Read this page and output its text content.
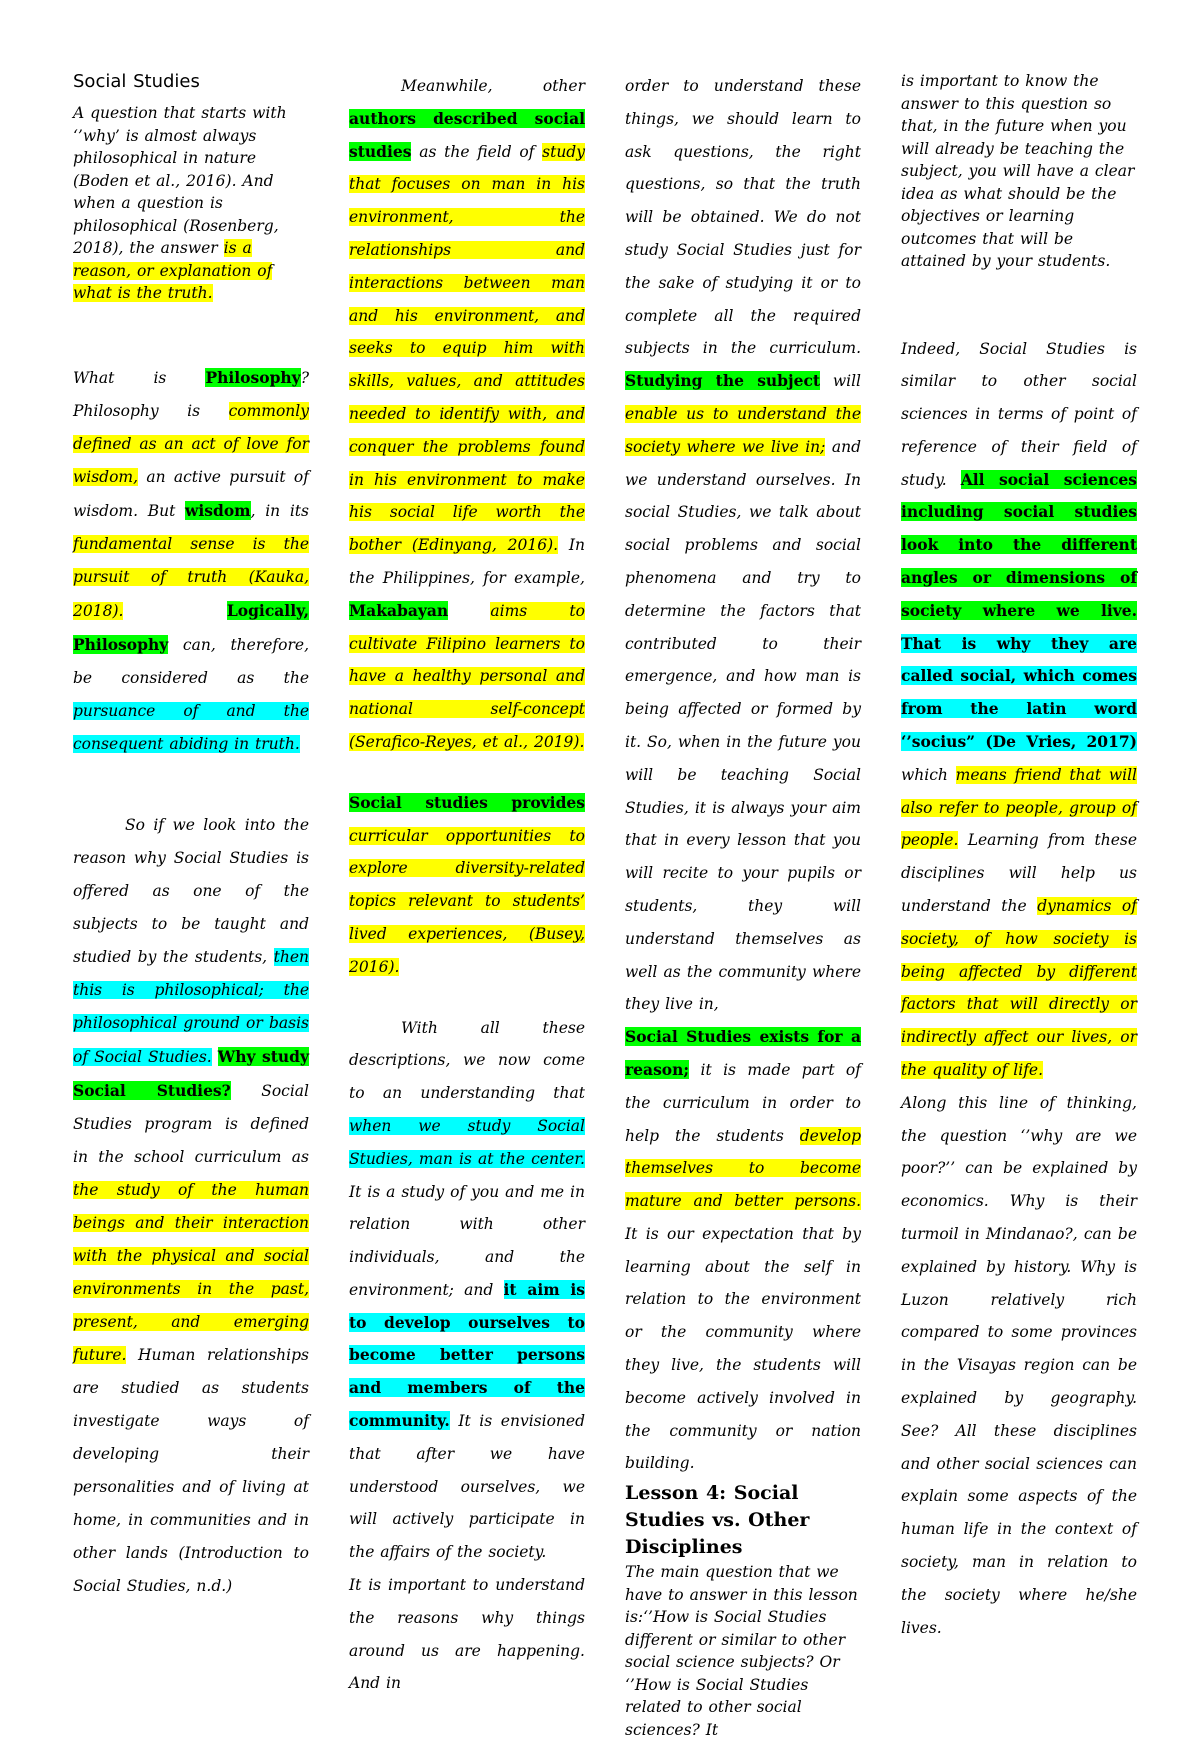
Social Studies

A question that starts with ‘’why’ is almost always philosophical in nature (Boden et al., 2016). And when a question is philosophical (Rosenberg, 2018), the answer is a reason, or explanation of what is the truth.

What is Philosophy? Philosophy is commonly defined as an act of love for wisdom, an active pursuit of wisdom. But wisdom, in its fundamental sense is the pursuit of truth (Kauka, 2018).	Logically, Philosophy can, therefore, be considered as the pursuance of and the consequent abiding in truth.

So if we look into the reason why Social Studies is offered as one of the subjects to be taught and studied by the students, then this is philosophical; the philosophical ground or basis of Social Studies. Why study Social Studies? Social Studies program is defined in the school curriculum as the study of the human beings and their interaction with the physical and social environments in the past, present, and emerging future. Human relationships are studied as students investigate ways of developing their personalities and of living at home, in communities and in other lands (Introduction to Social Studies, n.d.)

Meanwhile, other authors described social studies as the field of study that focuses on man in his environment, the relationships and interactions between man and his environment, and seeks to equip him with skills, values, and attitudes needed to identify with, and conquer the problems found in his environment to make his social life worth the bother (Edinyang, 2016). In the Philippines, for example, Makabayan	aims to cultivate Filipino learners to have a healthy personal and national self-concept (Serafico-Reyes, et al., 2019).

Social studies provides curricular opportunities to explore diversity-related topics relevant to students’ lived experiences, (Busey, 2016).

With all these descriptions, we now come to an understanding that when we study Social Studies, man is at the center. It is a study of you and me in relation with other individuals, and the environment; and it aim is to develop ourselves to become better persons and members of the community. It is envisioned that after we have understood ourselves, we will actively participate in the affairs of the society.

It is important to understand the reasons why things around us are happening. And in

order to understand these things, we should learn to ask questions, the right questions, so that the truth will be obtained. We do not study Social Studies just for the sake of studying it or to complete all the required subjects in the curriculum. Studying the subject will enable us to understand the society where we live in; and we understand ourselves. In social Studies, we talk about social problems and social phenomena and try to determine the factors that contributed to their emergence, and how man is being affected or formed by it. So, when in the future you will be teaching Social Studies, it is always your aim that in every lesson that you will recite to your pupils or students, they will understand themselves as well as the community where they live in,

Social Studies exists for a reason; it is made part of the curriculum in order to help the students develop themselves to become mature and better persons. It is our expectation that by learning about the self in relation to the environment or the community where they live, the students will become actively involved in the community or nation building.

Lesson 4: Social Studies vs. Other Disciplines

The main question that we have to answer in this lesson is:‘’How is Social Studies different or similar to other social science subjects? Or ‘’How is Social Studies related to other social sciences? It

is important to know the answer to this question so that, in the future when you will already be teaching the subject, you will have a clear idea as what should be the objectives or learning outcomes that will be attained by your students.

Indeed, Social Studies is similar to other social sciences in terms of point of reference of their field of study. All social sciences including social studies look into the different angles or dimensions of society where we live. That is why they are called social, which comes from the latin word ‘’socius” (De Vries, 2017) which means friend that will also refer to people, group of people. Learning from these disciplines will help us understand the dynamics of society, of how society is being affected by different factors that will directly or indirectly affect our lives, or the quality of life.

Along this line of thinking, the question ‘’why are we poor?’’ can be explained by economics. Why is their turmoil in Mindanao?, can be explained by history. Why is Luzon relatively rich compared to some provinces in the Visayas region can be explained by geography. See? All these disciplines and other social sciences can explain some aspects of the human life in the context of society, man in relation to the society where he/she lives.
